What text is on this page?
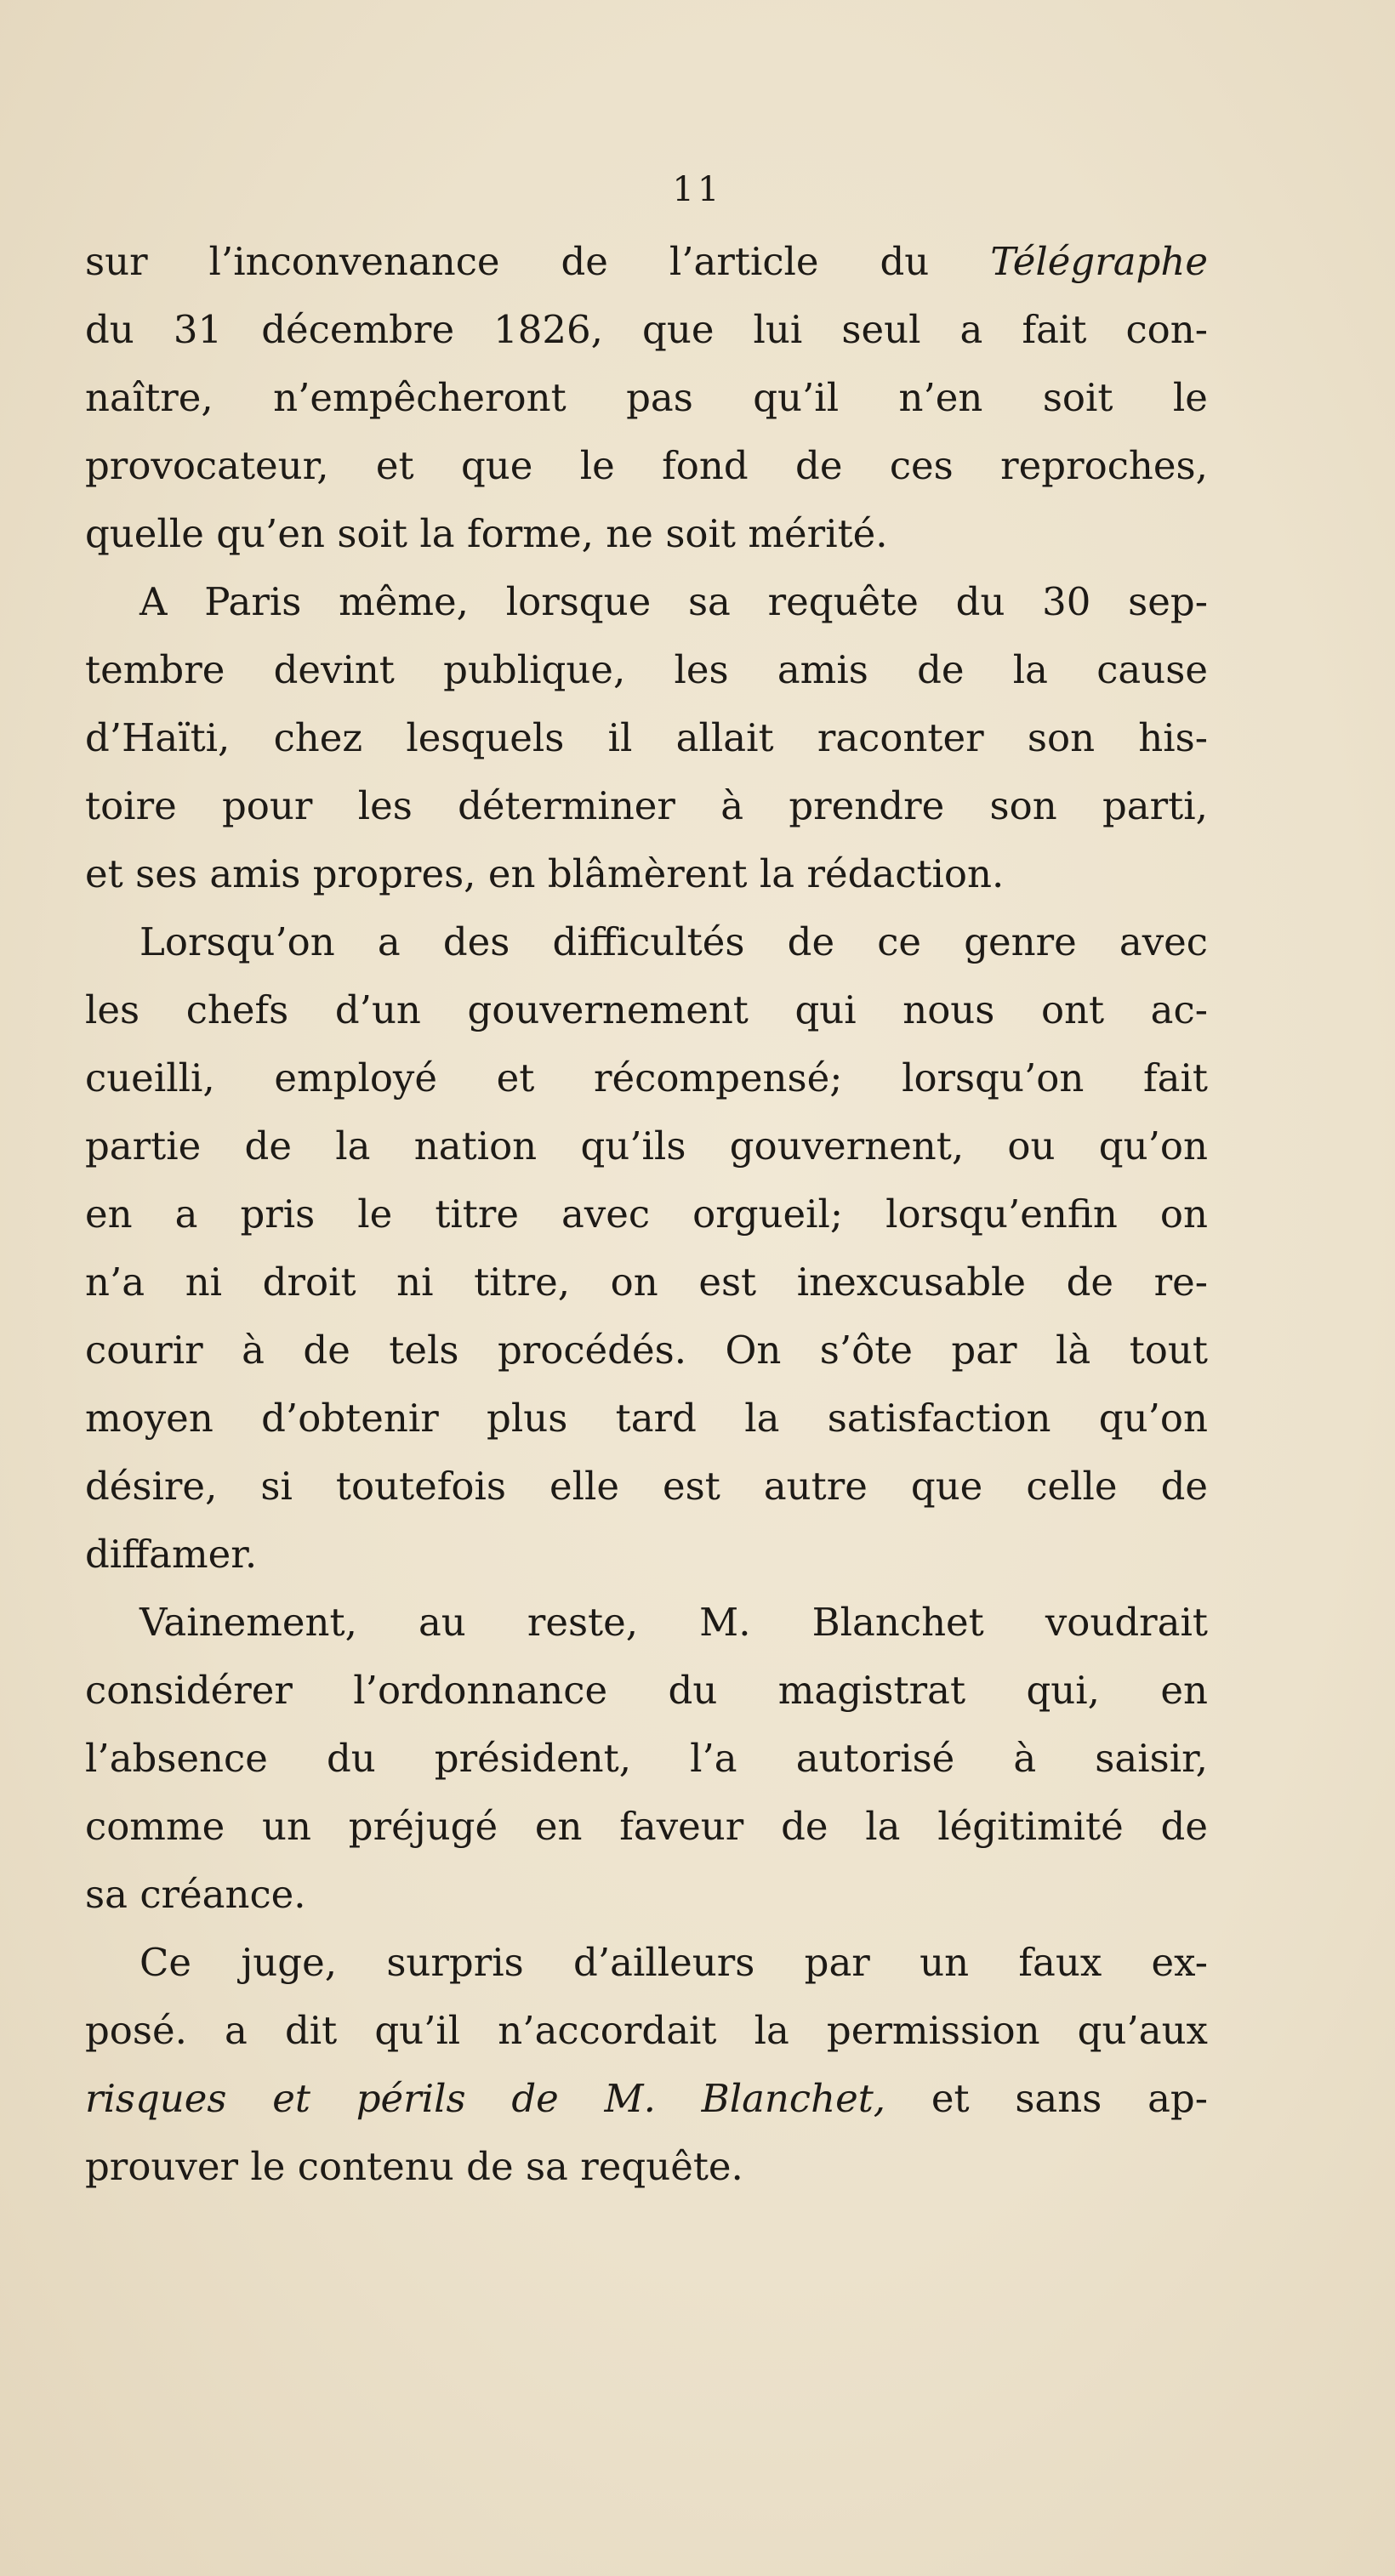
11
sur l’inconvenance de l’article du Télégraphe
du 31 décembre 1826, que lui seul a fait con-
naître, n’empêcheront pas qu’il n’en soit le
provocateur, et que le fond de ces reproches,
quelle qu’en soit la forme, ne soit mérité.
A Paris même, lorsque sa requête du 30 sep-
tembre devint publique, les amis de la cause
d’Haïti, chez lesquels il allait raconter son his-
toire pour les déterminer à prendre son parti,
et ses amis propres, en blâmèrent la rédaction.
Lorsqu’on a des difficultés de ce genre avec
les chefs d’un gouvernement qui nous ont ac-
cueilli, employé et récompensé; lorsqu’on fait
partie de la nation qu’ils gouvernent, ou qu’on
en a pris le titre avec orgueil; lorsqu’enfin on
n’a ni droit ni titre, on est inexcusable de re-
courir à de tels procédés. On s’ôte par là tout
moyen d’obtenir plus tard la satisfaction qu’on
désire, si toutefois elle est autre que celle de
diffamer.
Vainement, au reste, M. Blanchet voudrait
considérer l’ordonnance du magistrat qui, en
l’absence du président, l’a autorisé à saisir,
comme un préjugé en faveur de la légitimité de
sa créance.
Ce juge, surpris d’ailleurs par un faux ex-
posé. a dit qu’il n’accordait la permission qu’aux
risques et périls de M. Blanchet, et sans ap-
prouver le contenu de sa requête.
